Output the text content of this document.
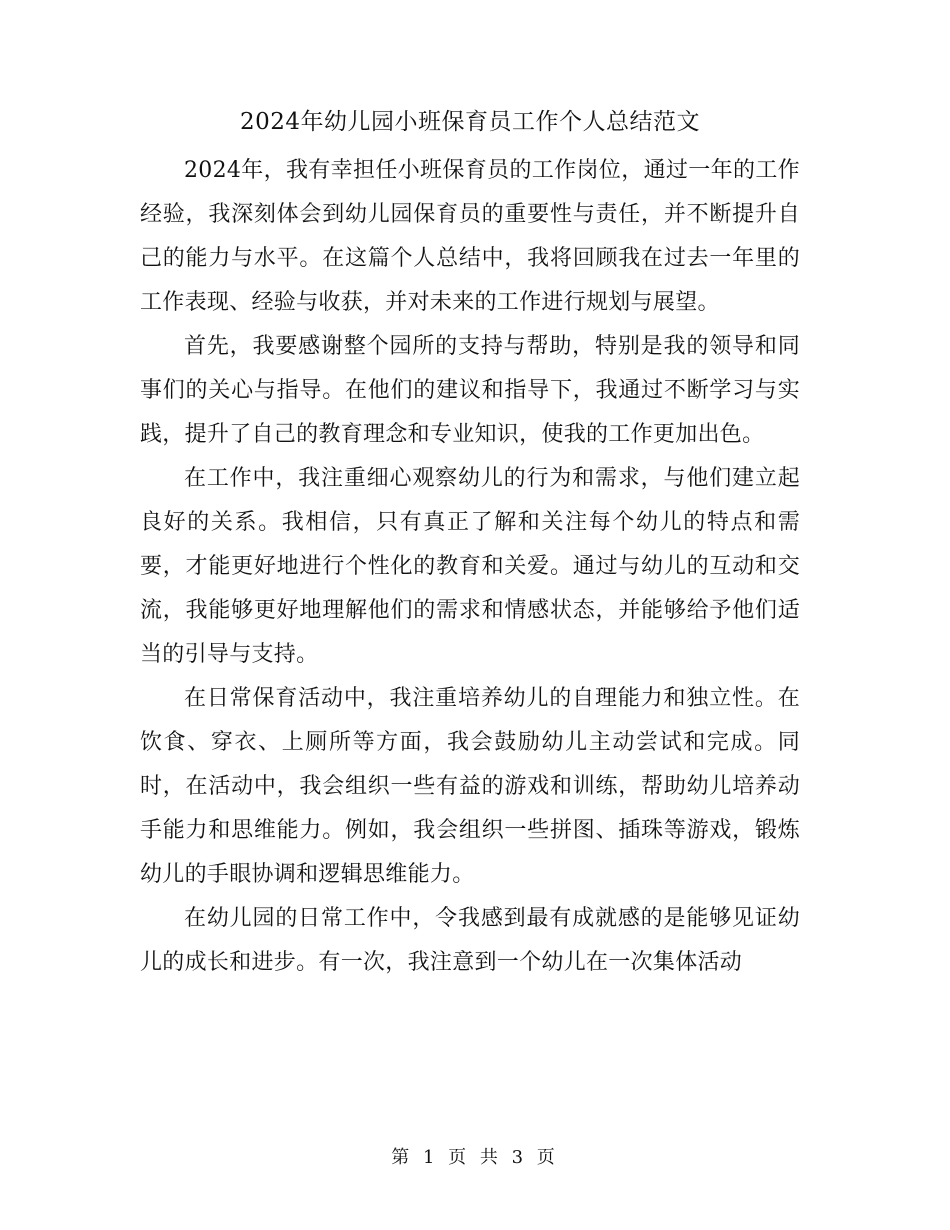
2024年幼儿园小班保育员工作个人总结范文

2024年，我有幸担任小班保育员的工作岗位，通过一年的工作经验，我深刻体会到幼儿园保育员的重要性与责任，并不断提升自己的能力与水平。在这篇个人总结中，我将回顾我在过去一年里的工作表现、经验与收获，并对未来的工作进行规划与展望。

首先，我要感谢整个园所的支持与帮助，特别是我的领导和同事们的关心与指导。在他们的建议和指导下，我通过不断学习与实践，提升了自己的教育理念和专业知识，使我的工作更加出色。

在工作中，我注重细心观察幼儿的行为和需求，与他们建立起良好的关系。我相信，只有真正了解和关注每个幼儿的特点和需要，才能更好地进行个性化的教育和关爱。通过与幼儿的互动和交流，我能够更好地理解他们的需求和情感状态，并能够给予他们适当的引导与支持。

在日常保育活动中，我注重培养幼儿的自理能力和独立性。在饮食、穿衣、上厕所等方面，我会鼓励幼儿主动尝试和完成。同时，在活动中，我会组织一些有益的游戏和训练，帮助幼儿培养动手能力和思维能力。例如，我会组织一些拼图、插珠等游戏，锻炼幼儿的手眼协调和逻辑思维能力。

在幼儿园的日常工作中，令我感到最有成就感的是能够见证幼儿的成长和进步。有一次，我注意到一个幼儿在一次集体活动

第 1 页 共 3 页
